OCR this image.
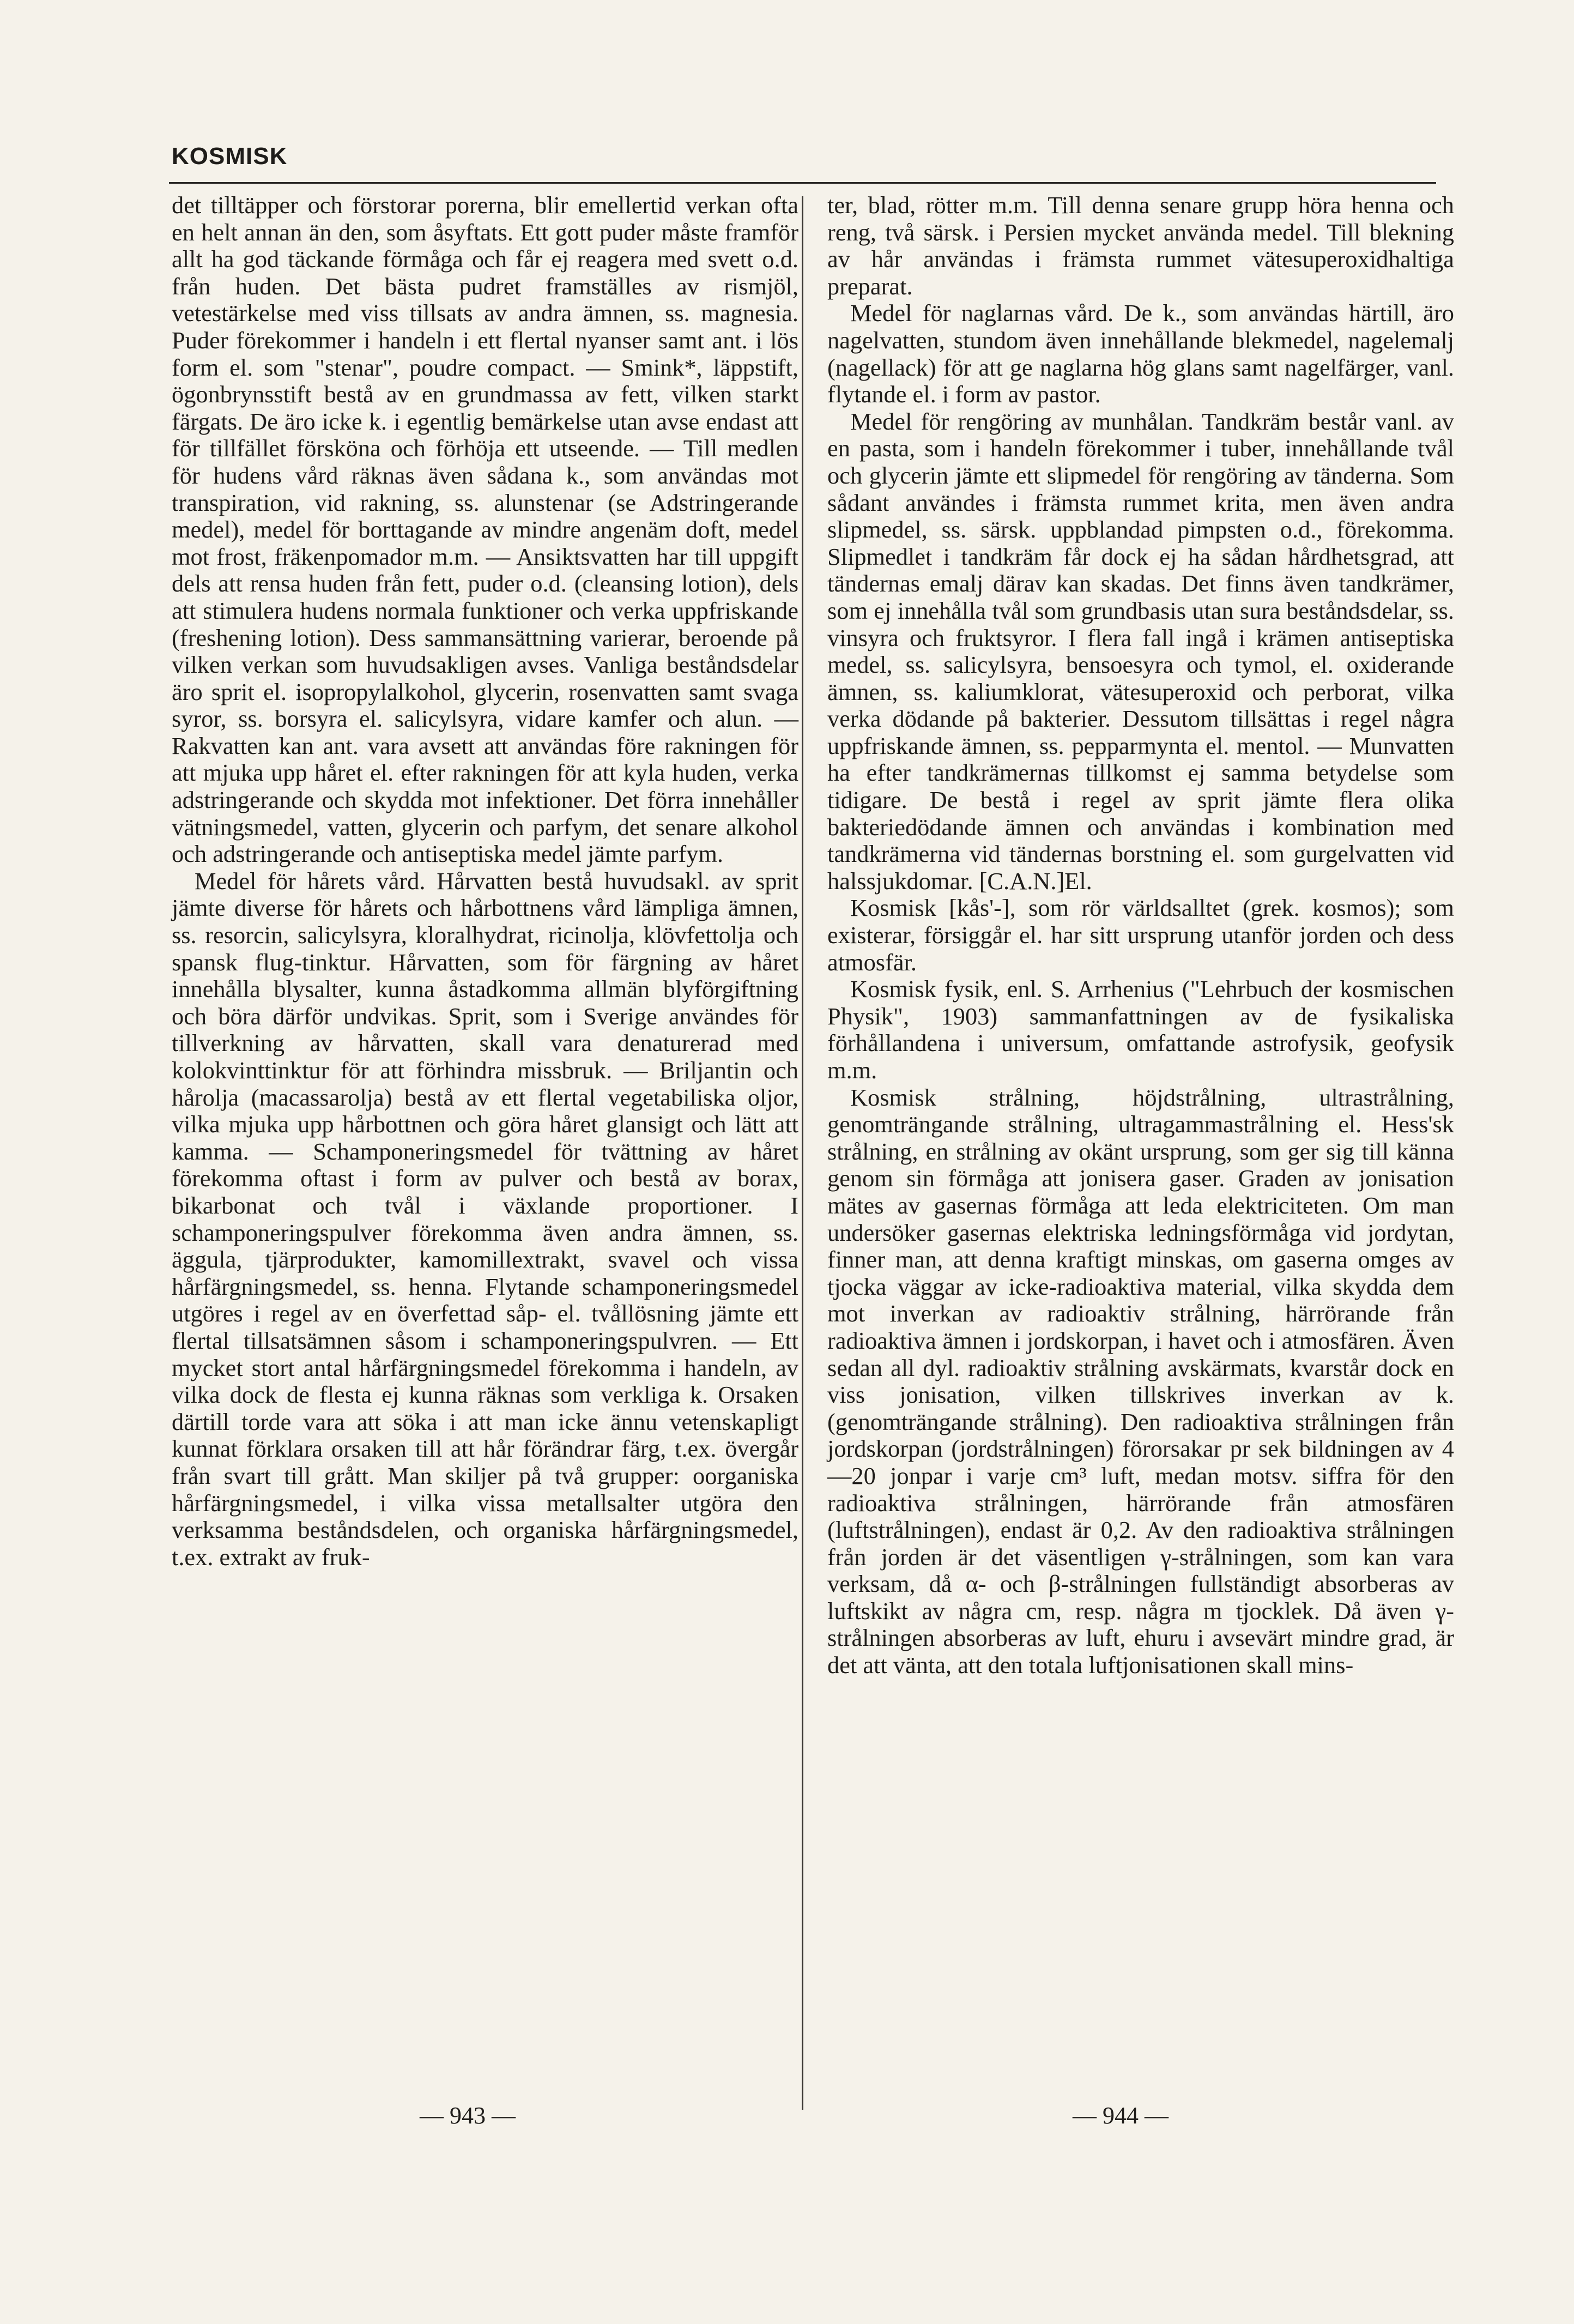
KOSMISK

det tilltäpper och förstorar porerna, blir emellertid verkan ofta en helt annan än den, som åsyftats. Ett gott puder måste framför allt ha god täckande förmåga och får ej reagera med svett o.d. från huden. Det bästa pudret framställes av rismjöl, vetestärkelse med viss tillsats av andra ämnen, ss. magnesia. Puder förekommer i handeln i ett flertal nyanser samt ant. i lös form el. som "stenar", poudre compact. — Smink*, läppstift, ögonbrynsstift bestå av en grundmassa av fett, vilken starkt färgats. De äro icke k. i egentlig bemärkelse utan avse endast att för tillfället försköna och förhöja ett utseende. — Till medlen för hudens vård räknas även sådana k., som användas mot transpiration, vid rakning, ss. alunstenar (se Adstringerande medel), medel för borttagande av mindre angenäm doft, medel mot frost, fräkenpomador m.m. — Ansiktsvatten har till uppgift dels att rensa huden från fett, puder o.d. (cleansing lotion), dels att stimulera hudens normala funktioner och verka uppfriskande (freshening lotion). Dess sammansättning varierar, beroende på vilken verkan som huvudsakligen avses. Vanliga beståndsdelar äro sprit el. isopropylalkohol, glycerin, rosenvatten samt svaga syror, ss. borsyra el. salicylsyra, vidare kamfer och alun. — Rakvatten kan ant. vara avsett att användas före rakningen för att mjuka upp håret el. efter rakningen för att kyla huden, verka adstringerande och skydda mot infektioner. Det förra innehåller vätningsmedel, vatten, glycerin och parfym, det senare alkohol och adstringerande och antiseptiska medel jämte parfym.

Medel för hårets vård. Hårvatten bestå huvudsakl. av sprit jämte diverse för hårets och hårbottnens vård lämpliga ämnen, ss. resorcin, salicylsyra, kloralhydrat, ricinolja, klövfettolja och spansk flug-tinktur. Hårvatten, som för färgning av håret innehålla blysalter, kunna åstadkomma allmän blyförgiftning och böra därför undvikas. Sprit, som i Sverige användes för tillverkning av hårvatten, skall vara denaturerad med kolokvinttinktur för att förhindra missbruk. — Briljantin och hårolja (macassarolja) bestå av ett flertal vegetabiliska oljor, vilka mjuka upp hårbottnen och göra håret glansigt och lätt att kamma. — Schamponeringsmedel för tvättning av håret förekomma oftast i form av pulver och bestå av borax, bikarbonat och tvål i växlande proportioner. I schamponeringspulver förekomma även andra ämnen, ss. äggula, tjärprodukter, kamomillextrakt, svavel och vissa hårfärgningsmedel, ss. henna. Flytande schamponeringsmedel utgöres i regel av en överfettad såp- el. tvållösning jämte ett flertal tillsatsämnen såsom i schamponeringspulvren. — Ett mycket stort antal hårfärgningsmedel förekomma i handeln, av vilka dock de flesta ej kunna räknas som verkliga k. Orsaken därtill torde vara att söka i att man icke ännu vetenskapligt kunnat förklara orsaken till att hår förändrar färg, t.ex. övergår från svart till grått. Man skiljer på två grupper: oorganiska hårfärgningsmedel, i vilka vissa metallsalter utgöra den verksamma beståndsdelen, och organiska hårfärgningsmedel, t.ex. extrakt av fruk-

ter, blad, rötter m.m. Till denna senare grupp höra henna och reng, två särsk. i Persien mycket använda medel. Till blekning av hår användas i främsta rummet vätesuperoxidhaltiga preparat.

Medel för naglarnas vård. De k., som användas härtill, äro nagelvatten, stundom även innehållande blekmedel, nagelemalj (nagellack) för att ge naglarna hög glans samt nagelfärger, vanl. flytande el. i form av pastor.

Medel för rengöring av munhålan. Tandkräm består vanl. av en pasta, som i handeln förekommer i tuber, innehållande tvål och glycerin jämte ett slipmedel för rengöring av tänderna. Som sådant användes i främsta rummet krita, men även andra slipmedel, ss. särsk. uppblandad pimpsten o.d., förekomma. Slipmedlet i tandkräm får dock ej ha sådan hårdhetsgrad, att tändernas emalj därav kan skadas. Det finns även tandkrämer, som ej innehålla tvål som grundbasis utan sura beståndsdelar, ss. vinsyra och fruktsyror. I flera fall ingå i krämen antiseptiska medel, ss. salicylsyra, bensoesyra och tymol, el. oxiderande ämnen, ss. kaliumklorat, vätesuperoxid och perborat, vilka verka dödande på bakterier. Dessutom tillsättas i regel några uppfriskande ämnen, ss. pepparmynta el. mentol. — Munvatten ha efter tandkrämernas tillkomst ej samma betydelse som tidigare. De bestå i regel av sprit jämte flera olika bakteriedödande ämnen och användas i kombination med tandkrämerna vid tändernas borstning el. som gurgelvatten vid halssjukdomar. [C.A.N.]El.

Kosmisk [kås'-], som rör världsalltet (grek. kosmos); som existerar, försiggår el. har sitt ursprung utanför jorden och dess atmosfär.

Kosmisk fysik, enl. S. Arrhenius ("Lehrbuch der kosmischen Physik", 1903) sammanfattningen av de fysikaliska förhållandena i universum, omfattande astrofysik, geofysik m.m.

Kosmisk strålning, höjdstrålning, ultrastrålning, genomträngande strålning, ultragammastrålning el. Hess'sk strålning, en strålning av okänt ursprung, som ger sig till känna genom sin förmåga att jonisera gaser. Graden av jonisation mätes av gasernas förmåga att leda elektriciteten. Om man undersöker gasernas elektriska ledningsförmåga vid jordytan, finner man, att denna kraftigt minskas, om gaserna omges av tjocka väggar av icke-radioaktiva material, vilka skydda dem mot inverkan av radioaktiv strålning, härrörande från radioaktiva ämnen i jordskorpan, i havet och i atmosfären. Även sedan all dyl. radioaktiv strålning avskärmats, kvarstår dock en viss jonisation, vilken tillskrives inverkan av k. (genomträngande strålning). Den radioaktiva strålningen från jordskorpan (jordstrålningen) förorsakar pr sek bildningen av 4—20 jonpar i varje cm³ luft, medan motsv. siffra för den radioaktiva strålningen, härrörande från atmosfären (luftstrålningen), endast är 0,2. Av den radioaktiva strålningen från jorden är det väsentligen γ-strålningen, som kan vara verksam, då α- och β-strålningen fullständigt absorberas av luftskikt av några cm, resp. några m tjocklek. Då även γ-strålningen absorberas av luft, ehuru i avsevärt mindre grad, är det att vänta, att den totala luftjonisationen skall mins-

— 943 —	— 944 —
